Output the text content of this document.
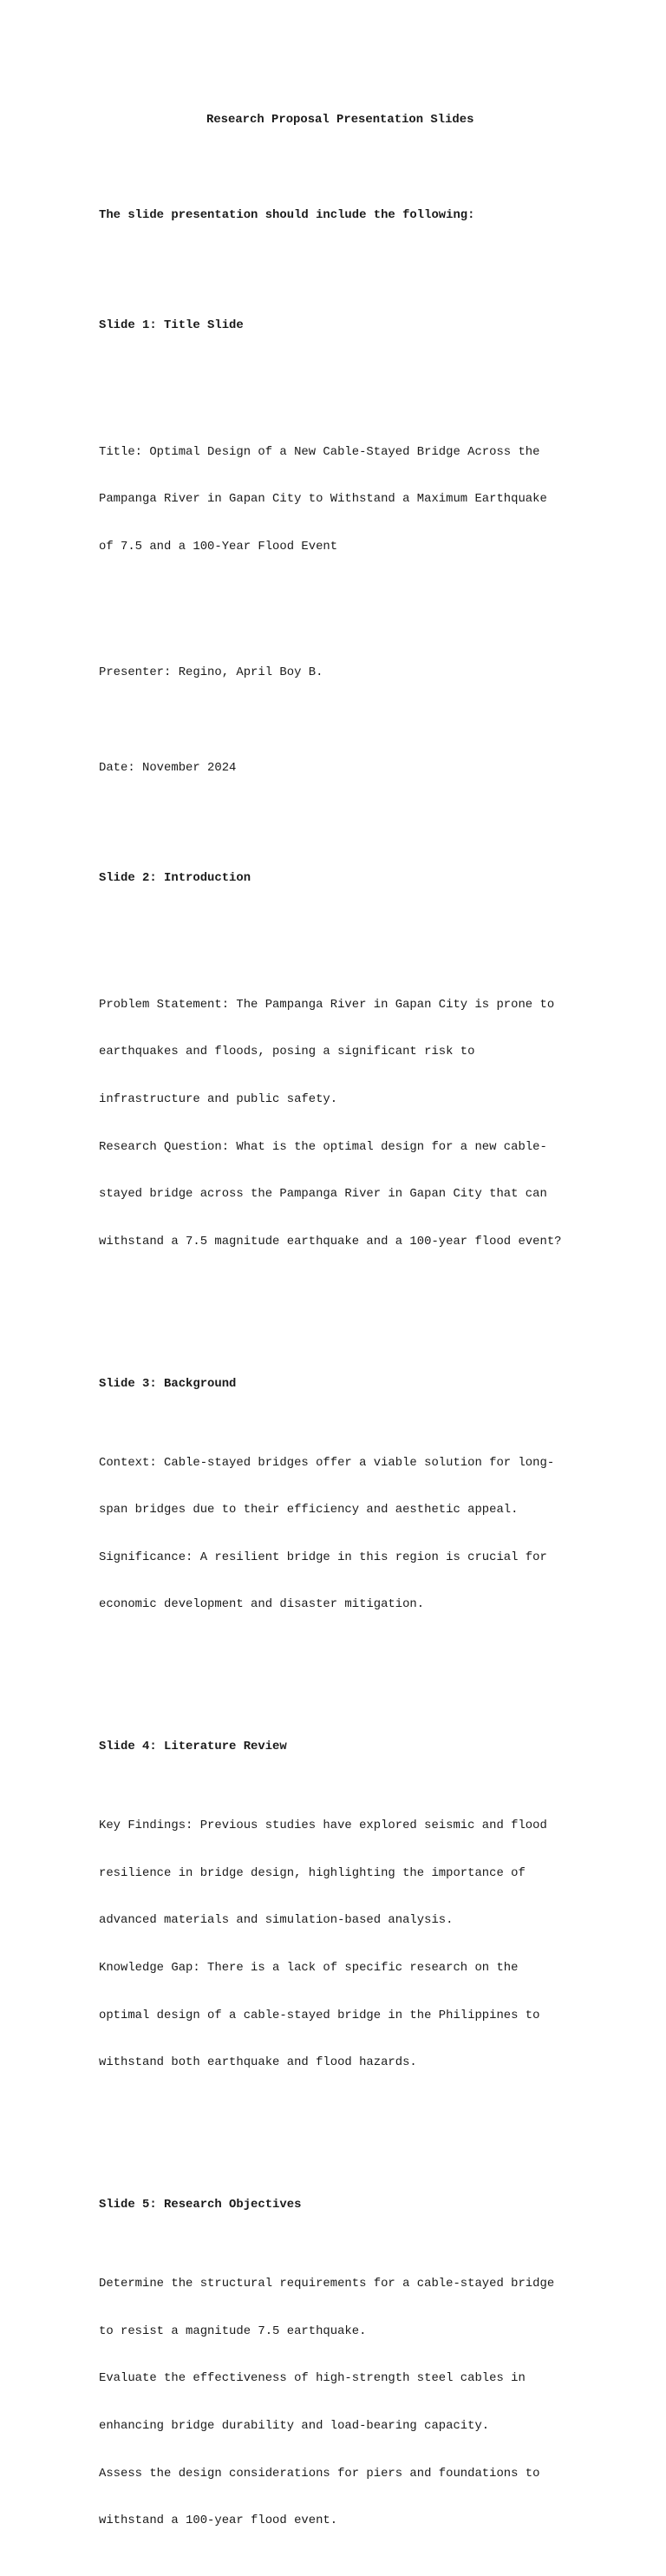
Research Proposal Presentation Slides

The slide presentation should include the following:

Slide 1: Title Slide

Title: Optimal Design of a New Cable-Stayed Bridge Across the

Pampanga River in Gapan City to Withstand a Maximum Earthquake

of 7.5 and a 100-Year Flood Event

Presenter: Regino, April Boy B.

Date: November 2024

Slide 2: Introduction

Problem Statement: The Pampanga River in Gapan City is prone to

earthquakes and floods, posing a significant risk to

infrastructure and public safety.

Research Question: What is the optimal design for a new cable-

stayed bridge across the Pampanga River in Gapan City that can

withstand a 7.5 magnitude earthquake and a 100-year flood event?

Slide 3: Background

Context: Cable-stayed bridges offer a viable solution for long-

span bridges due to their efficiency and aesthetic appeal.

Significance: A resilient bridge in this region is crucial for

economic development and disaster mitigation.

Slide 4: Literature Review

Key Findings: Previous studies have explored seismic and flood

resilience in bridge design, highlighting the importance of

advanced materials and simulation-based analysis.

Knowledge Gap: There is a lack of specific research on the

optimal design of a cable-stayed bridge in the Philippines to

withstand both earthquake and flood hazards.

Slide 5: Research Objectives

Determine the structural requirements for a cable-stayed bridge

to resist a magnitude 7.5 earthquake.

Evaluate the effectiveness of high-strength steel cables in

enhancing bridge durability and load-bearing capacity.

Assess the design considerations for piers and foundations to

withstand a 100-year flood event.
